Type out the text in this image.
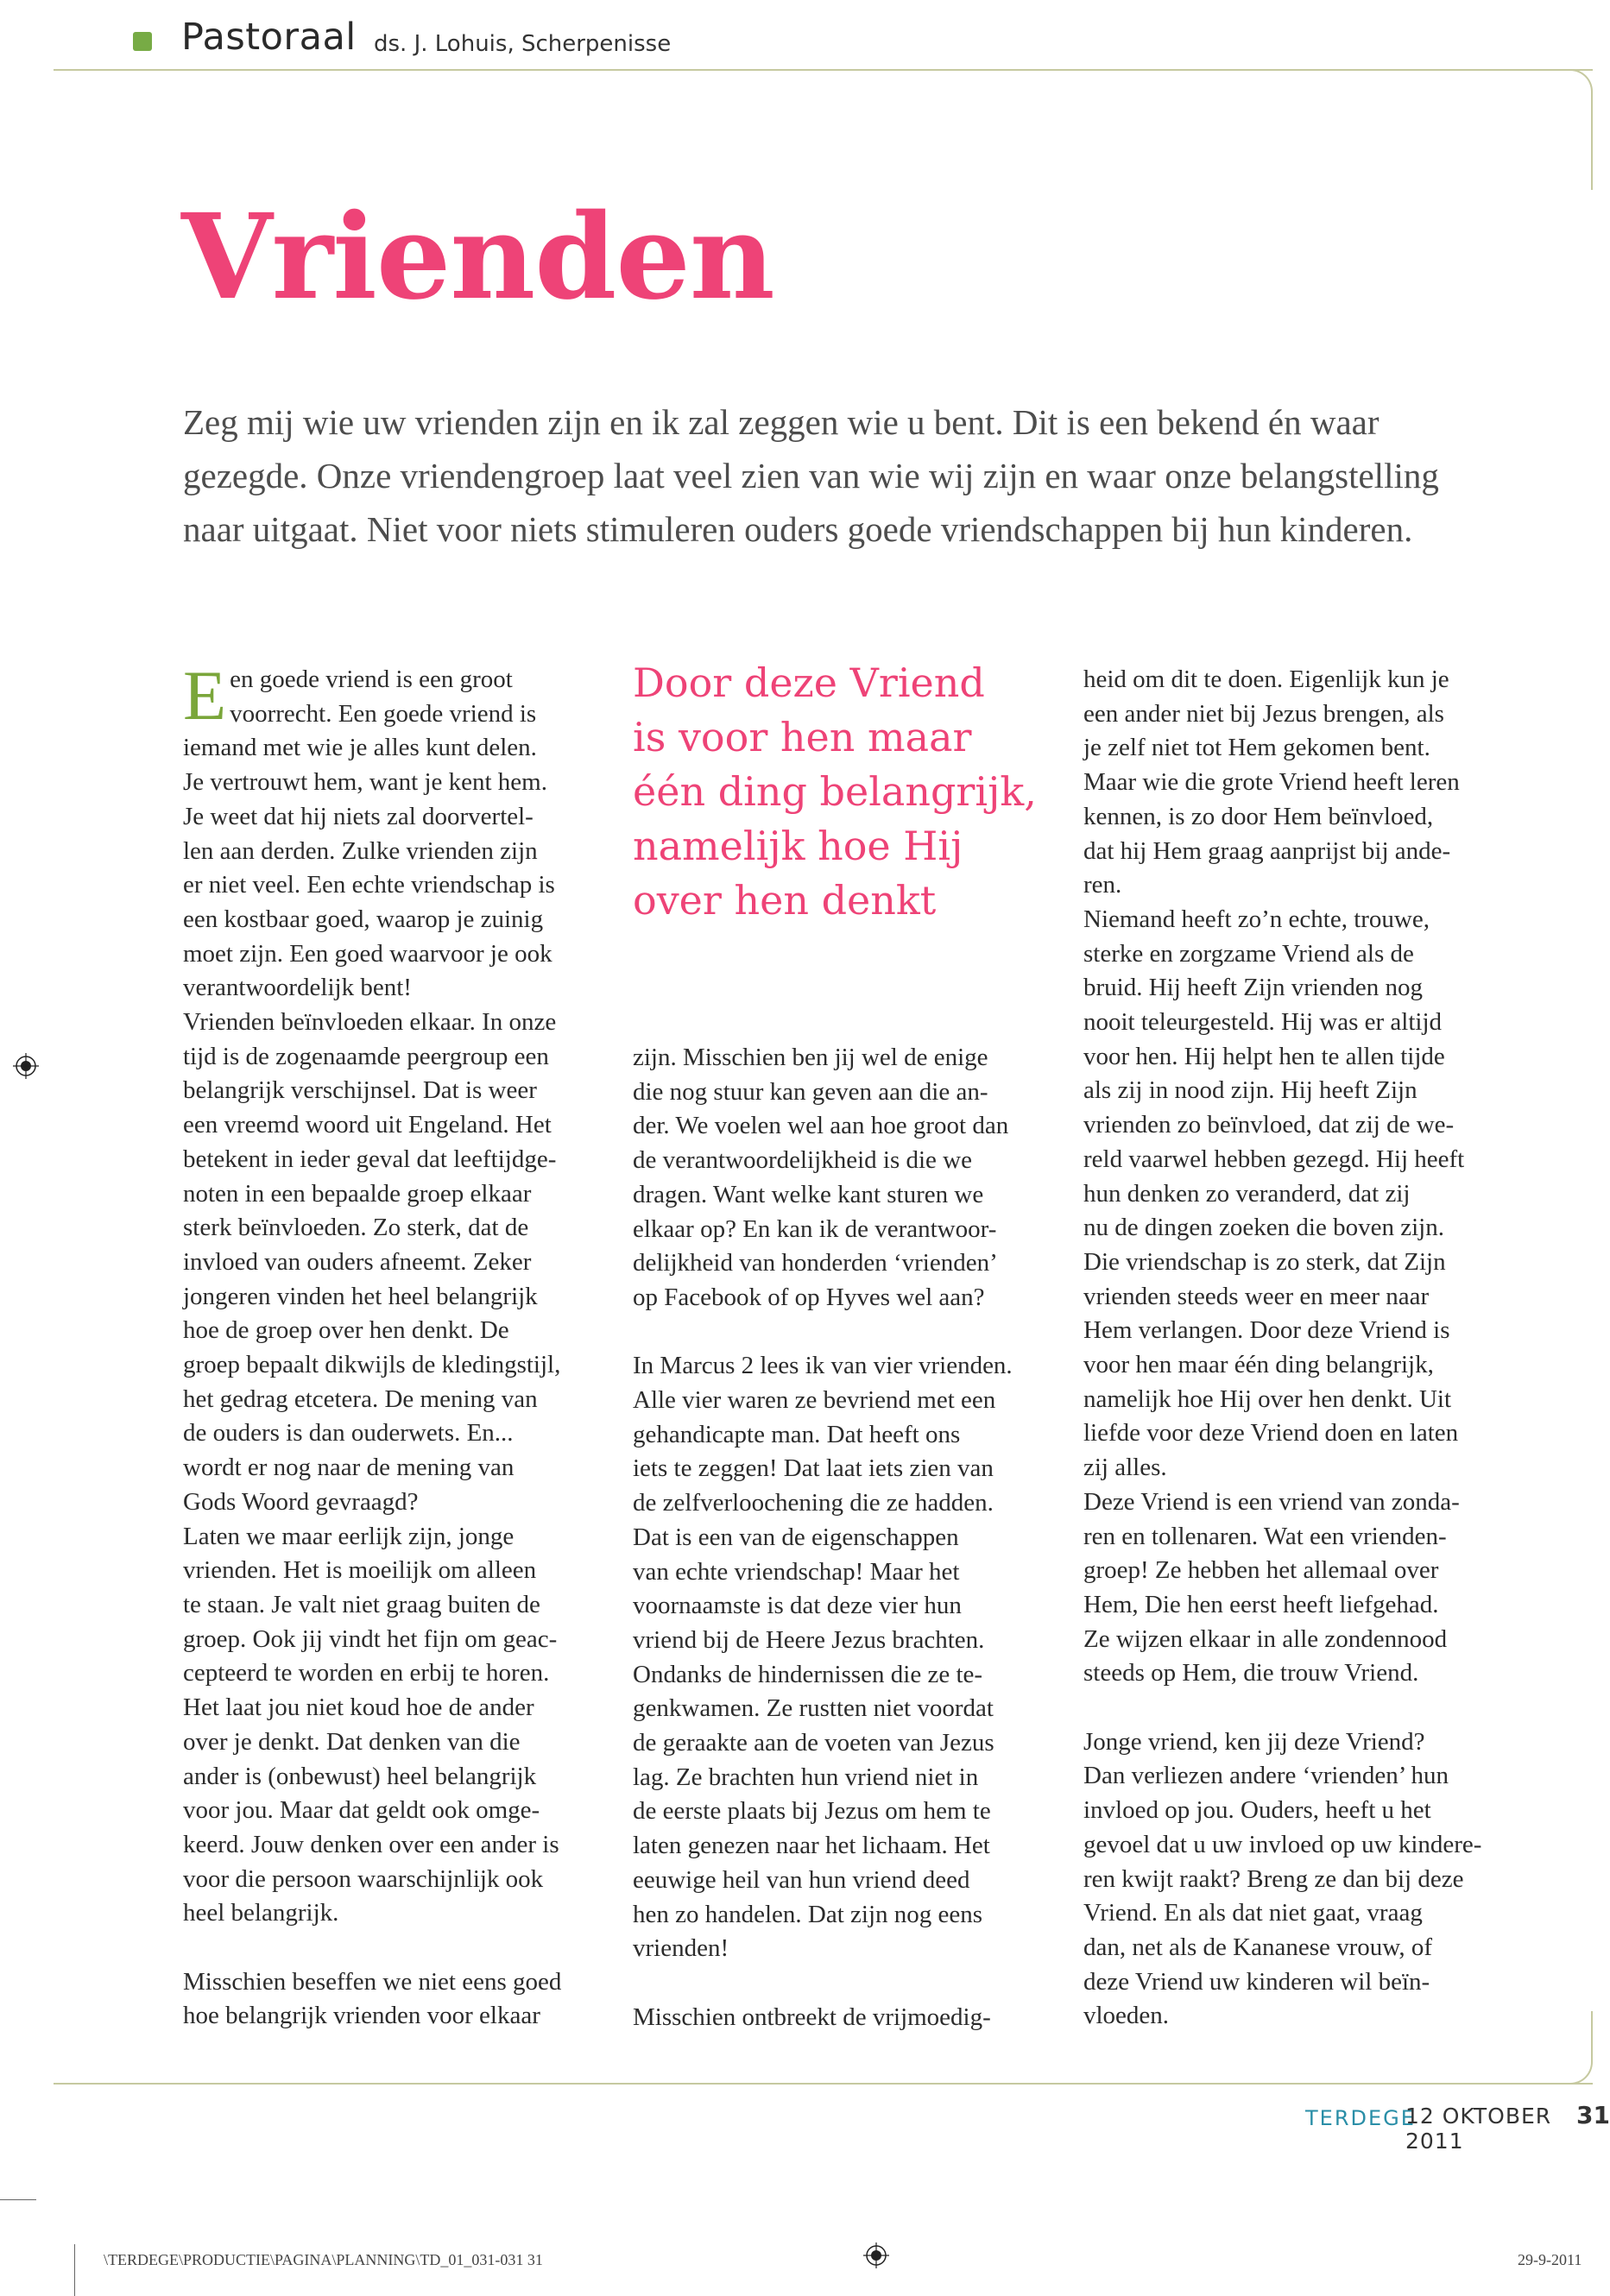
Pastoraal ds. J. Lohuis, Scherpenisse
Vrienden
Zeg mij wie uw vrienden zijn en ik zal zeggen wie u bent. Dit is een bekend én waar
gezegde. Onze vriendengroep laat veel zien van wie wij zijn en waar onze belangstelling
naar uitgaat. Niet voor niets stimuleren ouders goede vriendschappen bij hun kinderen.
E en goede vriend is een groot

voorrecht. Een goede vriend is

iemand met wie je alles kunt delen.

Je vertrouwt hem, want je kent hem.

Je weet dat hij niets zal doorvertel-

len aan derden. Zulke vrienden zijn

er niet veel. Een echte vriendschap is

een kostbaar goed, waarop je zuinig

moet zijn. Een goed waarvoor je ook

verantwoordelijk bent!

Vrienden beïnvloeden elkaar. In onze

tijd is de zogenaamde peergroup een

belangrijk verschijnsel. Dat is weer

een vreemd woord uit Engeland. Het

betekent in ieder geval dat leeftijdge-

noten in een bepaalde groep elkaar

sterk beïnvloeden. Zo sterk, dat de

invloed van ouders afneemt. Zeker

jongeren vinden het heel belangrijk

hoe de groep over hen denkt. De

groep bepaalt dikwijls de kledingstijl,

het gedrag etcetera. De mening van

de ouders is dan ouderwets. En...

wordt er nog naar de mening van

Gods Woord gevraagd?

Laten we maar eerlijk zijn, jonge

vrienden. Het is moeilijk om alleen

te staan. Je valt niet graag buiten de

groep. Ook jij vindt het fijn om geac-

cepteerd te worden en erbij te horen.

Het laat jou niet koud hoe de ander

over je denkt. Dat denken van die

ander is (onbewust) heel belangrijk

voor jou. Maar dat geldt ook omge-

keerd. Jouw denken over een ander is

voor die persoon waarschijnlijk ook

heel belangrijk.

Misschien beseffen we niet eens goed

hoe belangrijk vrienden voor elkaar

Door deze Vriend
is voor hen maar
één ding belangrijk,
namelijk hoe Hij
over hen denkt

zijn. Misschien ben jij wel de enige

die nog stuur kan geven aan die an-

der. We voelen wel aan hoe groot dan

de verantwoordelijkheid is die we

dragen. Want welke kant sturen we

elkaar op? En kan ik de verantwoor-

delijkheid van honderden ‘vrienden’

op Facebook of op Hyves wel aan?

In Marcus 2 lees ik van vier vrienden.

Alle vier waren ze bevriend met een

gehandicapte man. Dat heeft ons

iets te zeggen! Dat laat iets zien van

de zelfverloochening die ze hadden.

Dat is een van de eigenschappen

van echte vriendschap! Maar het

voornaamste is dat deze vier hun

vriend bij de Heere Jezus brachten.

Ondanks de hindernissen die ze te-

genkwamen. Ze rustten niet voordat

de geraakte aan de voeten van Jezus

lag. Ze brachten hun vriend niet in

de eerste plaats bij Jezus om hem te

laten genezen naar het lichaam. Het

eeuwige heil van hun vriend deed

hen zo handelen. Dat zijn nog eens

vrienden!

Misschien ontbreekt de vrijmoedig-

heid om dit te doen. Eigenlijk kun je

een ander niet bij Jezus brengen, als

je zelf niet tot Hem gekomen bent.

Maar wie die grote Vriend heeft leren

kennen, is zo door Hem beïnvloed,

dat hij Hem graag aanprijst bij ande-

ren.

Niemand heeft zo’n echte, trouwe,

sterke en zorgzame Vriend als de

bruid. Hij heeft Zijn vrienden nog

nooit teleurgesteld. Hij was er altijd

voor hen. Hij helpt hen te allen tijde

als zij in nood zijn. Hij heeft Zijn

vrienden zo beïnvloed, dat zij de we-

reld vaarwel hebben gezegd. Hij heeft

hun denken zo veranderd, dat zij

nu de dingen zoeken die boven zijn.

Die vriendschap is zo sterk, dat Zijn

vrienden steeds weer en meer naar

Hem verlangen. Door deze Vriend is

voor hen maar één ding belangrijk,

namelijk hoe Hij over hen denkt. Uit

liefde voor deze Vriend doen en laten

zij alles.

Deze Vriend is een vriend van zonda-

ren en tollenaren. Wat een vrienden-

groep! Ze hebben het allemaal over

Hem, Die hen eerst heeft liefgehad.

Ze wijzen elkaar in alle zondennood

steeds op Hem, die trouw Vriend.

Jonge vriend, ken jij deze Vriend?

Dan verliezen andere ‘vrienden’ hun

invloed op jou. Ouders, heeft u het

gevoel dat u uw invloed op uw kindere-

ren kwijt raakt? Breng ze dan bij deze

Vriend. En als dat niet gaat, vraag

dan, net als de Kananese vrouw, of

deze Vriend uw kinderen wil beïn-

vloeden.

TERDEGE
12 OKTOBER 2011
31
\TERDEGE\PRODUCTIE\PAGINA\PLANNING\TD_01_031-031 31	29-9-2011
